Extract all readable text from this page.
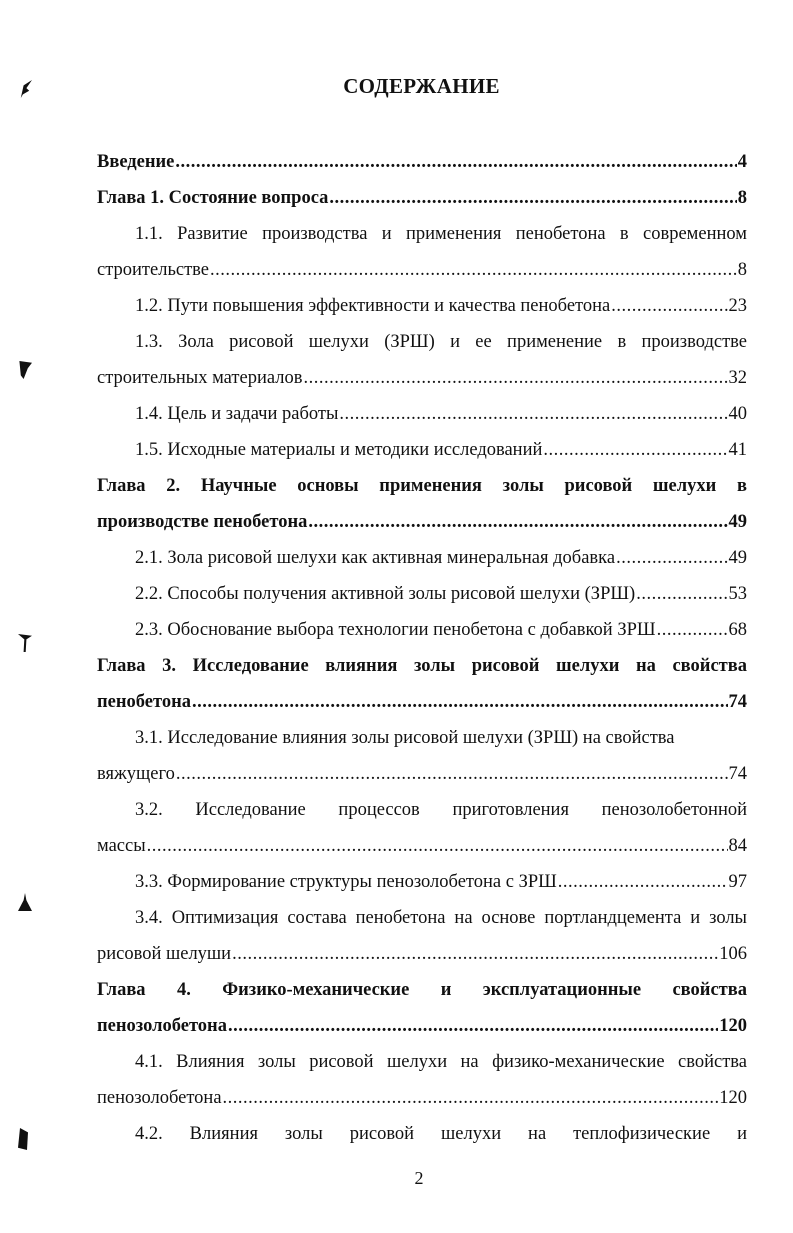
СОДЕРЖАНИЕ
Введение .....	4
Глава 1. Состояние вопроса .....	8
1.1. Развитие производства и применения пенобетона в современном
строительстве .....	8
1.2. Пути повышения эффективности и качества пенобетона .....	23
1.3. Зола рисовой шелухи (ЗРШ) и ее применение в производстве
строительных материалов .....	32
1.4. Цель и задачи работы .....	40
1.5. Исходные материалы и методики исследований .....	41
Глава 2. Научные основы применения золы рисовой шелухи в
производстве пенобетона .....	49
2.1. Зола рисовой шелухи как активная минеральная добавка .....	49
2.2. Способы получения активной золы рисовой шелухи (ЗРШ) .....	53
2.3. Обоснование выбора технологии пенобетона с добавкой ЗРШ .....	68
Глава 3. Исследование влияния золы рисовой шелухи на свойства
пенобетона .....	74
3.1. Исследование влияния золы рисовой шелухи (ЗРШ) на свойства
вяжущего .....	74
3.2. Исследование процессов приготовления пенозолобетонной
массы .....	84
3.3. Формирование структуры пенозолобетона с ЗРШ .....	97
3.4. Оптимизация состава пенобетона на основе портландцемента и золы
рисовой шелуши .....	106
Глава 4. Физико-механические и эксплуатационные свойства
пенозолобетона .....	120
4.1. Влияния золы рисовой шелухи на физико-механические свойства
пенозолобетона .....	120
4.2. Влияния золы рисовой шелухи на теплофизические и
2
